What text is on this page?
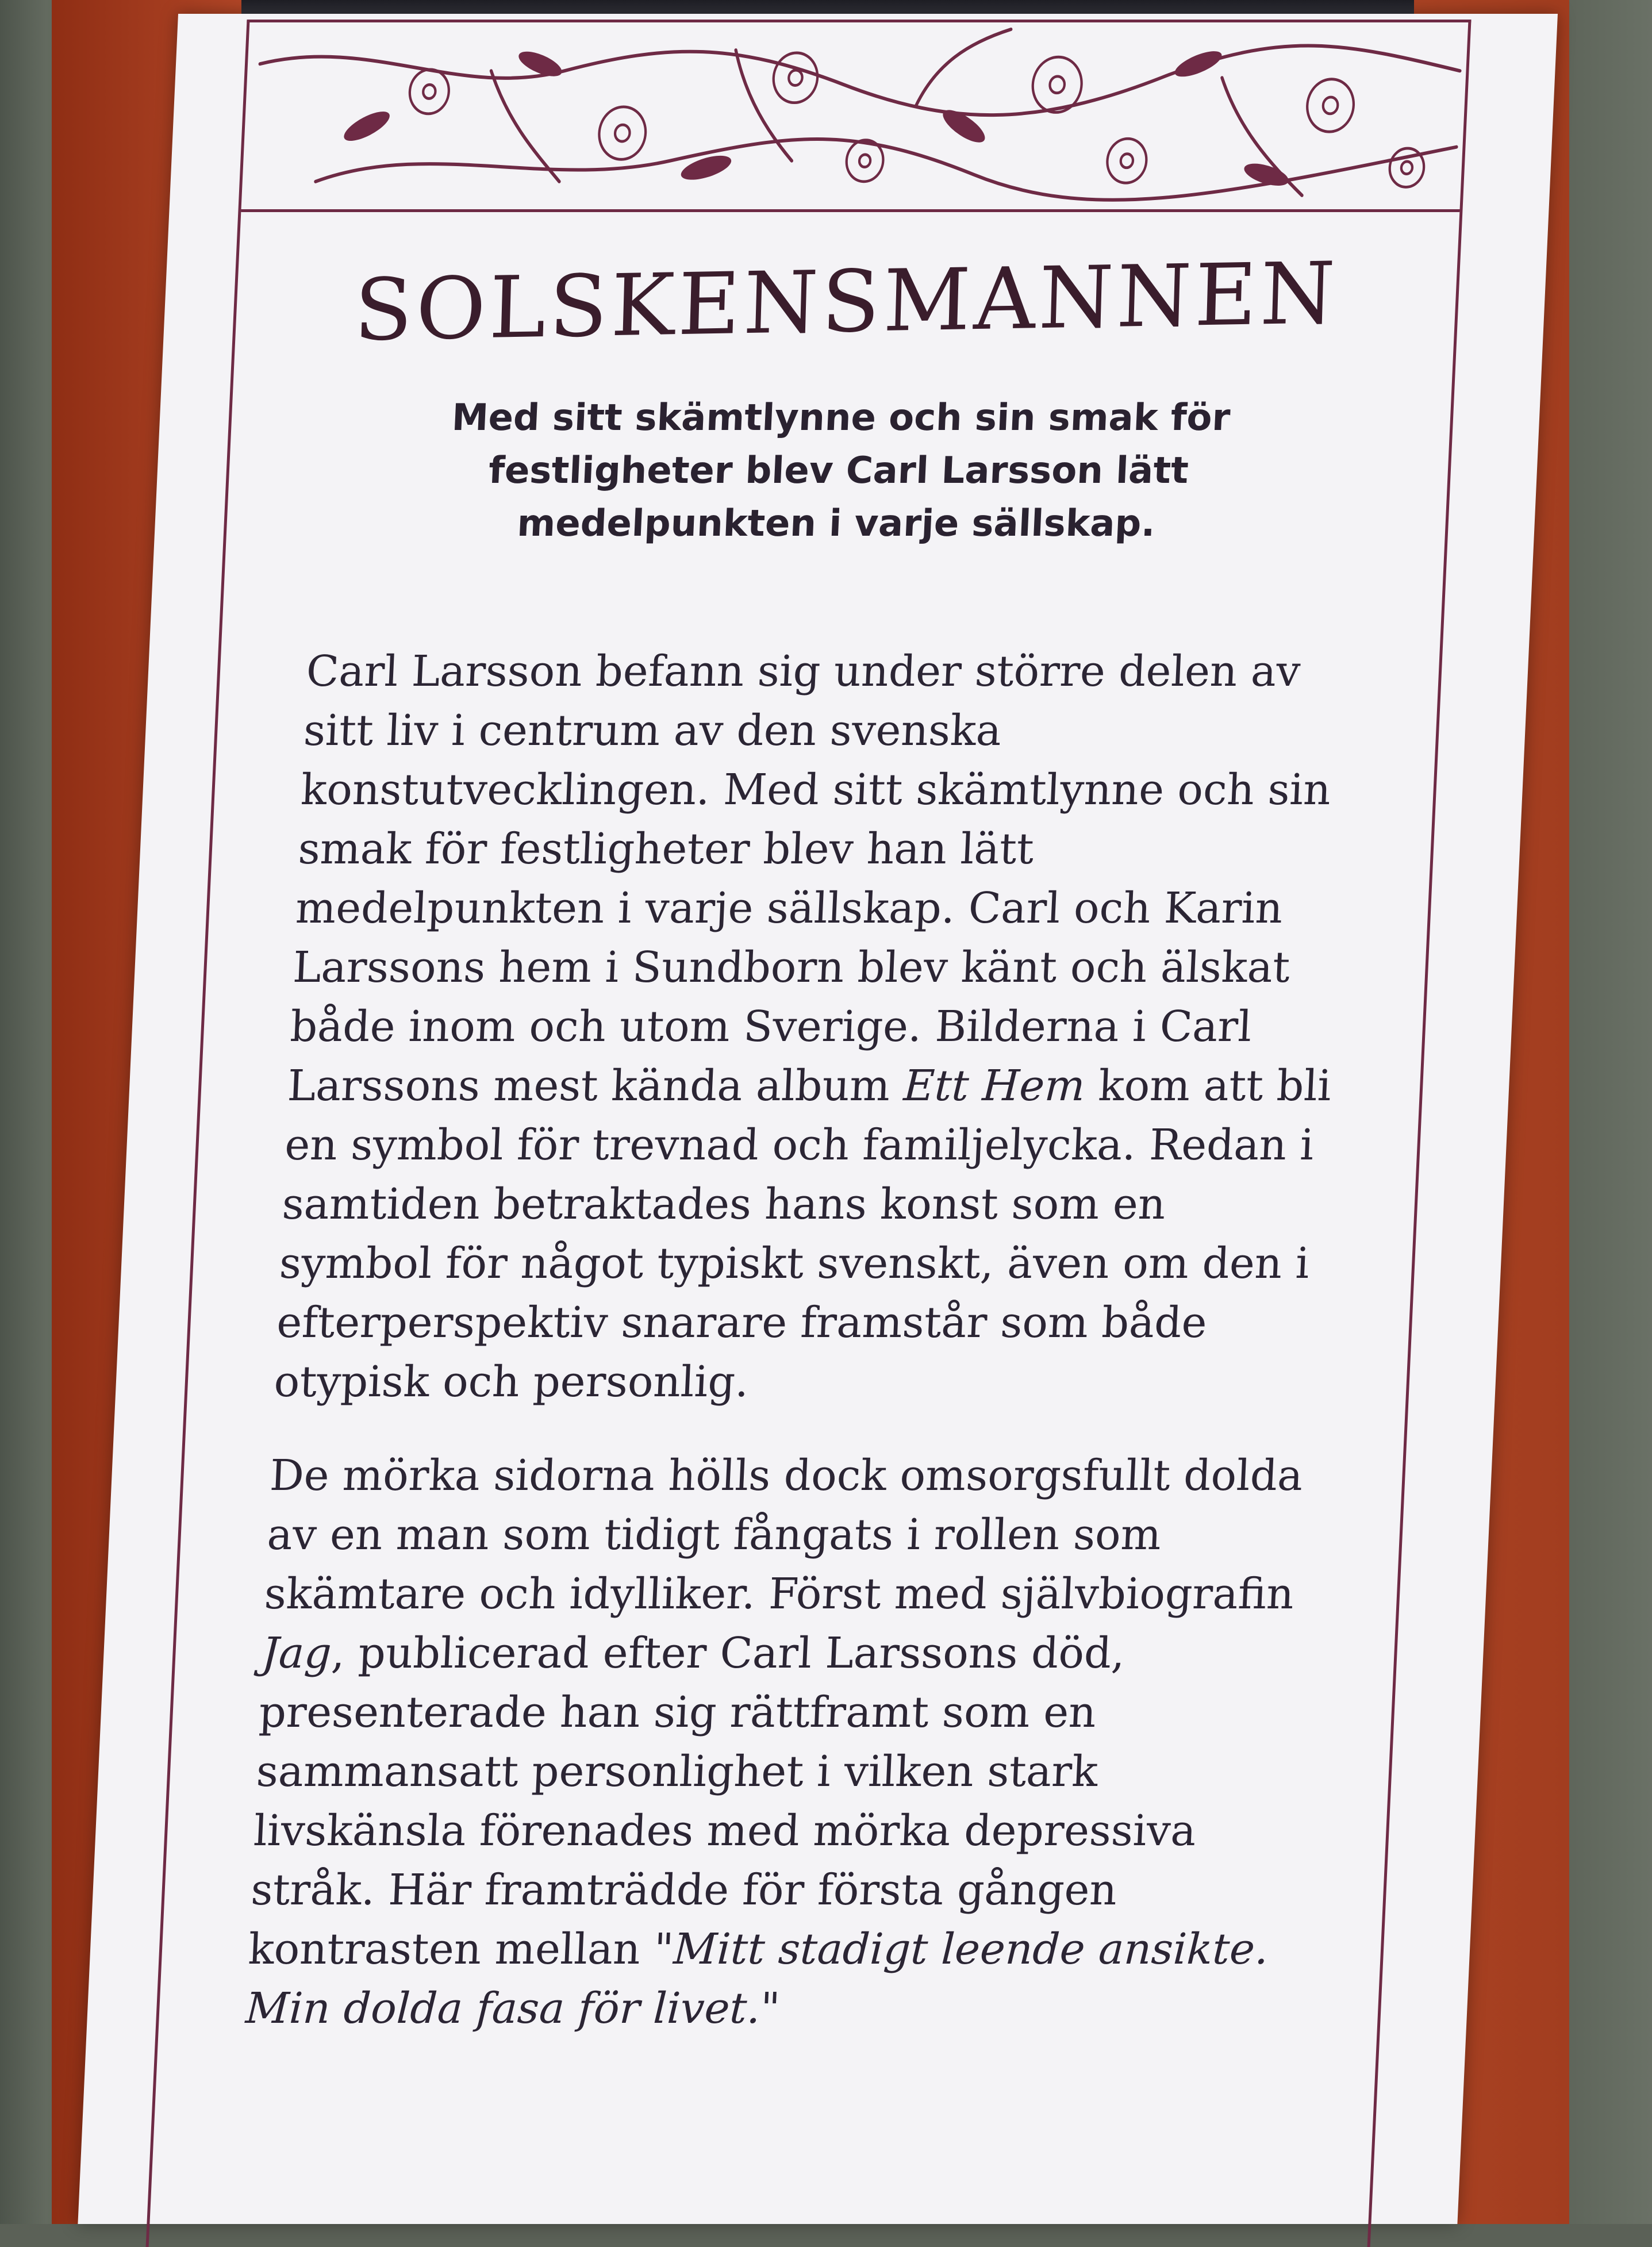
SOLSKENSMANNEN
Med sitt skämtlynne och sin smak för festligheter blev Carl Larsson lätt medelpunkten i varje sällskap.

Carl Larsson befann sig under större delen av sitt liv i centrum av den svenska konstutvecklingen. Med sitt skämtlynne och sin smak för festligheter blev han lätt medelpunkten i varje sällskap. Carl och Karin Larssons hem i Sundborn blev känt och älskat både inom och utom Sverige. Bilderna i Carl Larssons mest kända album Ett Hem kom att bli en symbol för trevnad och familjelycka. Redan i samtiden betraktades hans konst som en symbol för något typiskt svenskt, även om den i efterperspektiv snarare framstår som både otypisk och personlig.

De mörka sidorna hölls dock omsorgsfullt dolda av en man som tidigt fångats i rollen som skämtare och idylliker. Först med självbiografin Jag, publicerad efter Carl Larssons död, presenterade han sig rättframt som en sammansatt personlighet i vilken stark livskänsla förenades med mörka depressiva stråk. Här framträdde för första gången kontrasten mellan "Mitt stadigt leende ansikte. Min dolda fasa för livet."
